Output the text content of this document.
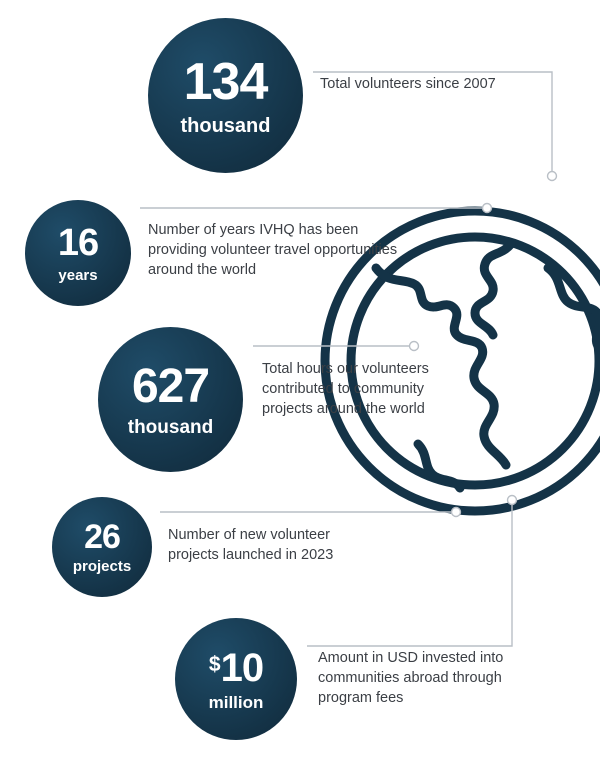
134
thousand
Total volunteers since 2007
16
years
Number of years IVHQ has been providing volunteer travel opportunities around the world
627
thousand
Total hours our volunteers contributed to community projects around the world
26
projects
Number of new volunteer projects launched in 2023
$ 10
million
Amount in USD invested into communities abroad through program fees
